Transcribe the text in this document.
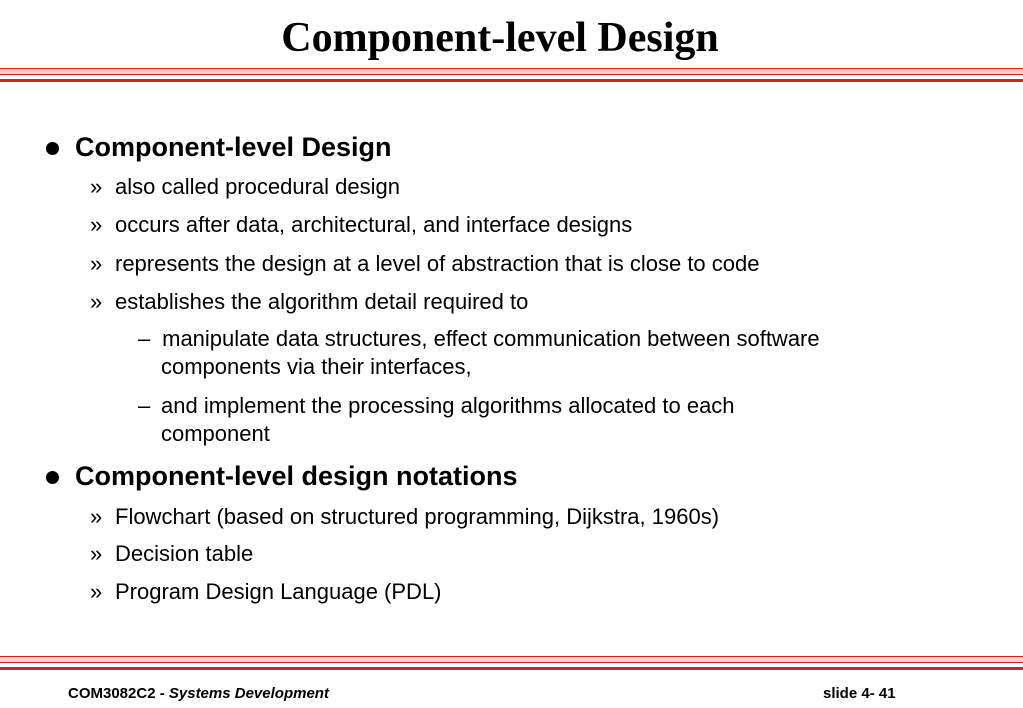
Component-level Design
Component-level Design
» also called procedural design
» occurs after data, architectural, and interface designs
» represents the design at a level of abstraction that is close to code
» establishes the algorithm detail required to
– manipulate data structures, effect communication between software
components via their interfaces,
– and implement the processing algorithms allocated to each
component
Component-level design notations
» Flowchart (based on structured programming, Dijkstra, 1960s)
» Decision table
» Program Design Language (PDL)
COM3082C2 - Systems Development	slide 4- 41
